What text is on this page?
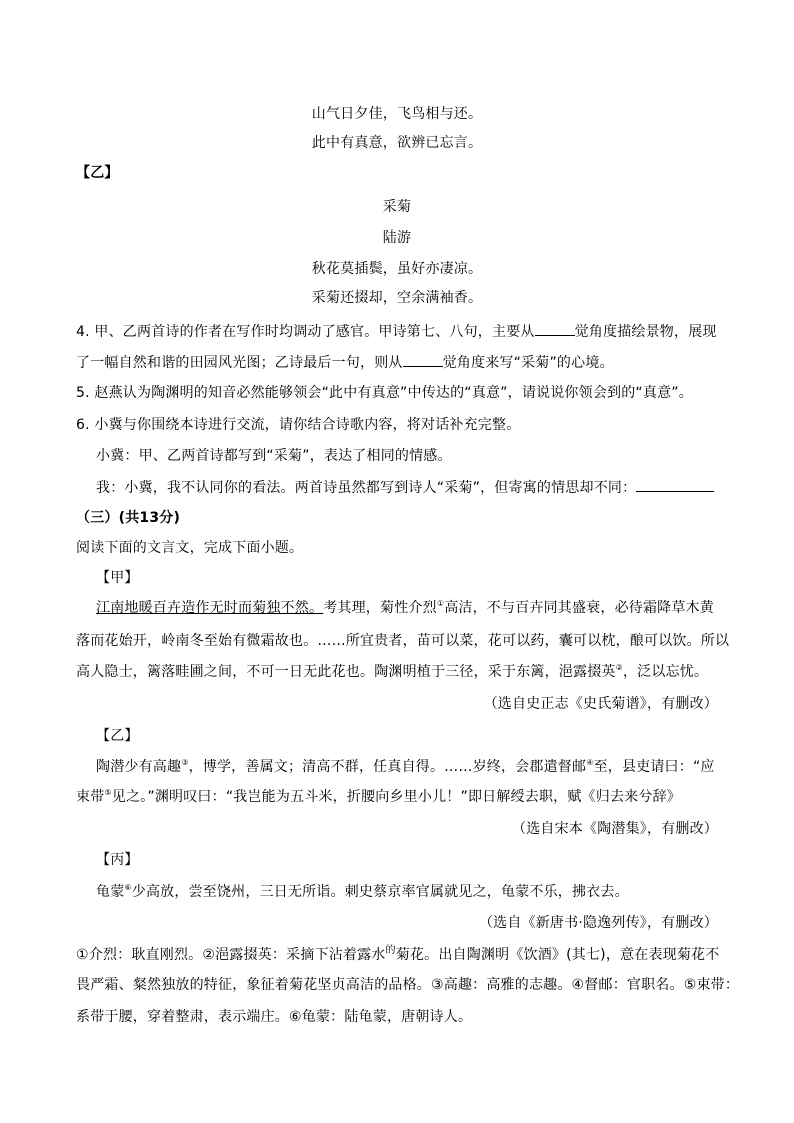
山气日夕佳，飞鸟相与还。
此中有真意，欲辨已忘言。
【乙】
采菊
陆游
秋花莫插鬓，虽好亦凄凉。
采菊还掇却，空余满袖香。
4. 甲、乙两首诗的作者在写作时均调动了感官。甲诗第七、八句，主要从	觉角度描绘景物，展现
了一幅自然和谐的田园风光图；乙诗最后一句，则从	觉角度来写“采菊”的心境。
5. 赵燕认为陶渊明的知音必然能够领会“此中有真意”中传达的“真意”，请说说你领会到的“真意”。
6. 小冀与你围绕本诗进行交流，请你结合诗歌内容，将对话补充完整。
小冀：甲、乙两首诗都写到“采菊”，表达了相同的情感。
我：小冀，我不认同你的看法。两首诗虽然都写到诗人“采菊”，但寄寓的情思却不同：
（三）(共13分)
阅读下面的文言文，完成下面小题。
【甲】
江南地暖百卉造作无时而菊独不然。考其理，菊性介烈①高洁，不与百卉同其盛衰，必待霜降草木黄
落而花始开，岭南冬至始有微霜故也。……所宜贵者，苗可以菜，花可以药，囊可以枕，酿可以饮。所以
高人隐士，篱落畦圃之间，不可一日无此花也。陶渊明植于三径，采于东篱，浥露掇英②，泛以忘忧。
（选自史正志《史氏菊谱》，有删改）
【乙】
陶潜少有高趣③，博学，善属文；清高不群，任真自得。……岁终，会郡遣督邮④至，县吏请曰：“应
束带⑤见之。”渊明叹曰：“我岂能为五斗米，折腰向乡里小儿！”即日解绶去职，赋《归去来兮辞》
（选自宋本《陶潜集》，有删改）
【丙】
龟蒙⑥少高放，尝至饶州，三日无所诣。刺史蔡京率官属就见之，龟蒙不乐，拂衣去。
（选自《新唐书·隐逸列传》，有删改）
①介烈：耿直刚烈。②浥露掇英：采摘下沾着露水$^的$菊花。出自陶渊明《饮酒》(其七)，意在表现菊花不
畏严霜、粲然独放的特征，象征着菊花坚贞高洁的品格。③高趣：高雅的志趣。④督邮：官职名。⑤束带：
系带于腰，穿着整肃，表示端庄。⑥龟蒙：陆龟蒙，唐朝诗人。
